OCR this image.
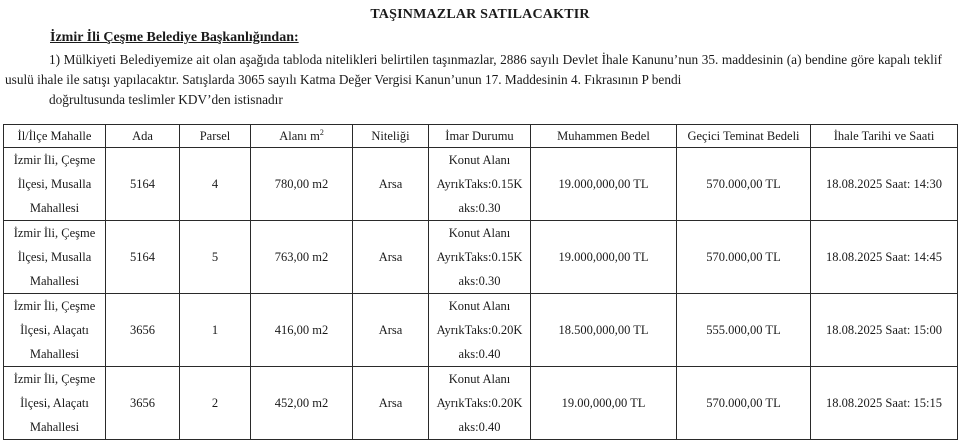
TAŞINMAZLAR SATILACAKTIR
İzmir İli Çeşme Belediye Başkanlığından:
1) Mülkiyeti Belediyemize ait olan aşağıda tabloda nitelikleri belirtilen taşınmazlar, 2886 sayılı Devlet İhale Kanunu’nun 35. maddesinin (a) bendine göre kapalı teklif usulü ihale ile satışı yapılacaktır. Satışlarda 3065 sayılı Katma Değer Vergisi Kanun’unun 17. Maddesinin 4. Fıkrasının P bendi
doğrultusunda teslimler KDV’den istisnadır
İl/İlçe Mahalle	Ada	Parsel	Alanı $m^2$	Niteliği	İmar Durumu	Muhammen Bedel	Geçici Teminat Bedeli	İhale Tarihi ve Saati

İzmir İli, Çeşme
İlçesi, Musalla
Mahallesi	5164	4	780,00 m2	Arsa	Konut Alanı
AyrıkTaks:0.15K
aks:0.30	19.000,000,00 TL	570.000,00 TL	18.08.2025 Saat: 14:30

İzmir İli, Çeşme
İlçesi, Musalla
Mahallesi	5164	5	763,00 m2	Arsa	Konut Alanı
AyrıkTaks:0.15K
aks:0.30	19.000,000,00 TL	570.000,00 TL	18.08.2025 Saat: 14:45

İzmir İli, Çeşme
İlçesi, Alaçatı
Mahallesi	3656	1	416,00 m2	Arsa	Konut Alanı
AyrıkTaks:0.20K
aks:0.40	18.500,000,00 TL	555.000,00 TL	18.08.2025 Saat: 15:00

İzmir İli, Çeşme
İlçesi, Alaçatı
Mahallesi	3656	2	452,00 m2	Arsa	Konut Alanı
AyrıkTaks:0.20K
aks:0.40	19.00,000,00 TL	570.000,00 TL	18.08.2025 Saat: 15:15
